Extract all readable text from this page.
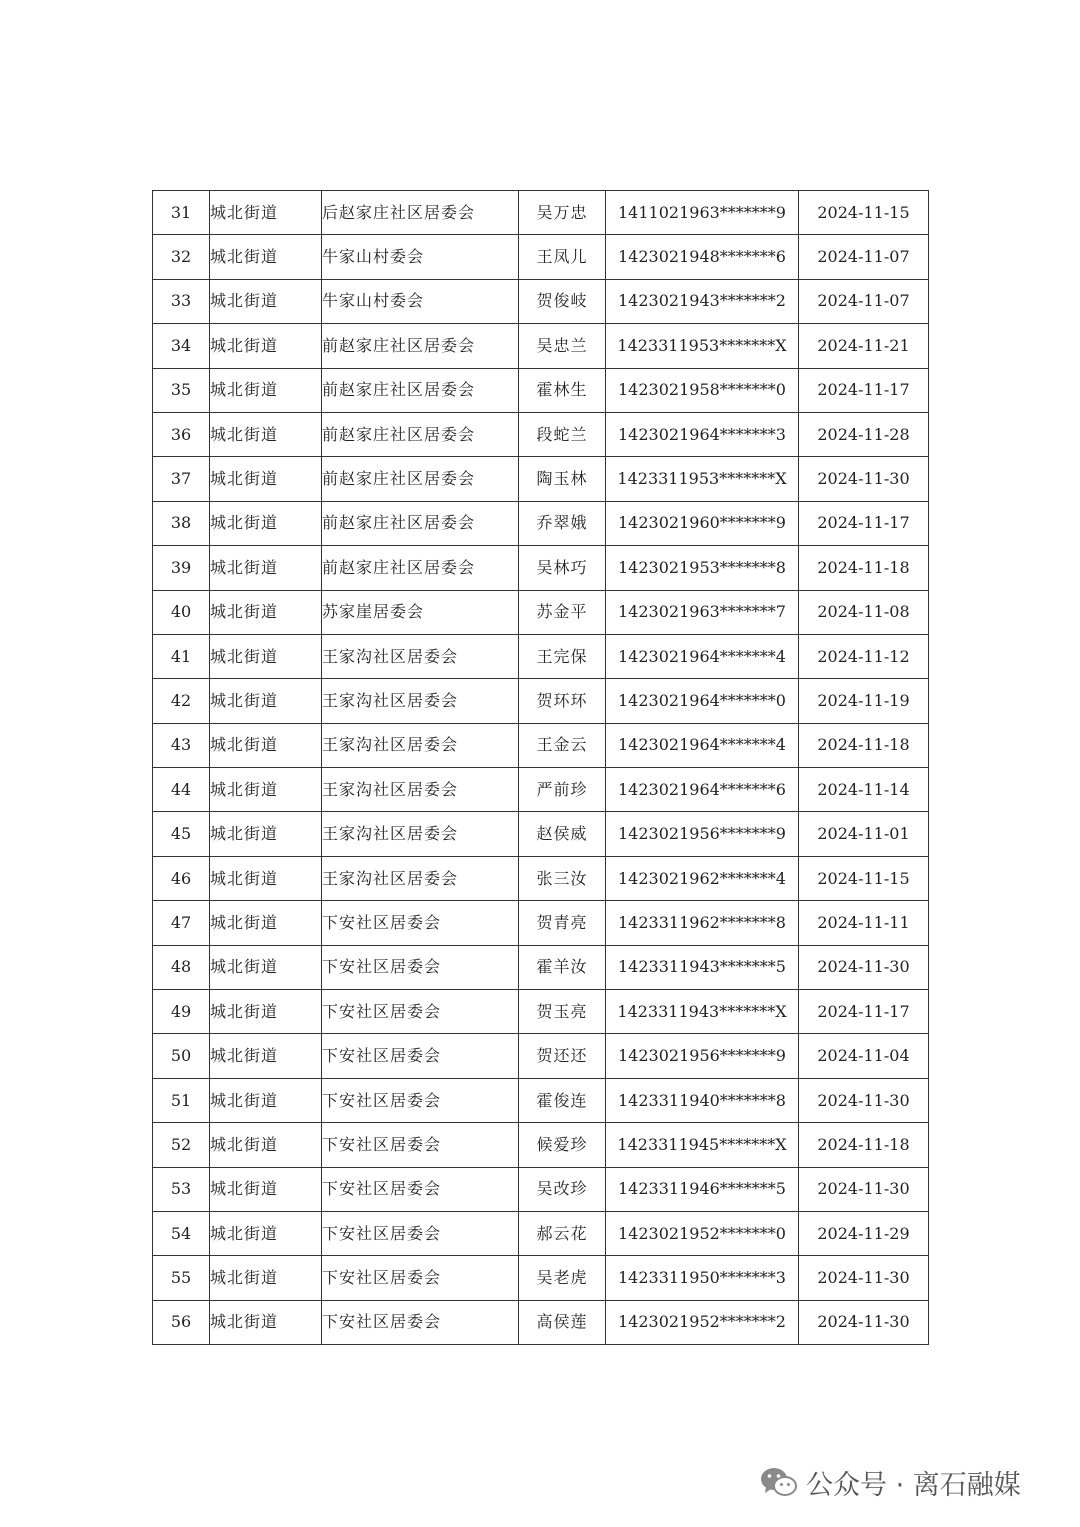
31	城北街道	后赵家庄社区居委会	吴万忠	1411021963*******9	2024-11-15
32	城北街道	牛家山村委会	王凤儿	1423021948*******6	2024-11-07
33	城北街道	牛家山村委会	贺俊岐	1423021943*******2	2024-11-07
34	城北街道	前赵家庄社区居委会	吴忠兰	1423311953*******X	2024-11-21
35	城北街道	前赵家庄社区居委会	霍林生	1423021958*******0	2024-11-17
36	城北街道	前赵家庄社区居委会	段蛇兰	1423021964*******3	2024-11-28
37	城北街道	前赵家庄社区居委会	陶玉林	1423311953*******X	2024-11-30
38	城北街道	前赵家庄社区居委会	乔翠娥	1423021960*******9	2024-11-17
39	城北街道	前赵家庄社区居委会	吴林巧	1423021953*******8	2024-11-18
40	城北街道	苏家崖居委会	苏金平	1423021963*******7	2024-11-08
41	城北街道	王家沟社区居委会	王完保	1423021964*******4	2024-11-12
42	城北街道	王家沟社区居委会	贺环环	1423021964*******0	2024-11-19
43	城北街道	王家沟社区居委会	王金云	1423021964*******4	2024-11-18
44	城北街道	王家沟社区居委会	严前珍	1423021964*******6	2024-11-14
45	城北街道	王家沟社区居委会	赵侯威	1423021956*******9	2024-11-01
46	城北街道	王家沟社区居委会	张三汝	1423021962*******4	2024-11-15
47	城北街道	下安社区居委会	贺青亮	1423311962*******8	2024-11-11
48	城北街道	下安社区居委会	霍羊汝	1423311943*******5	2024-11-30
49	城北街道	下安社区居委会	贺玉亮	1423311943*******X	2024-11-17
50	城北街道	下安社区居委会	贺还还	1423021956*******9	2024-11-04
51	城北街道	下安社区居委会	霍俊连	1423311940*******8	2024-11-30
52	城北街道	下安社区居委会	候爱珍	1423311945*******X	2024-11-18
53	城北街道	下安社区居委会	吴改珍	1423311946*******5	2024-11-30
54	城北街道	下安社区居委会	郝云花	1423021952*******0	2024-11-29
55	城北街道	下安社区居委会	吴老虎	1423311950*******3	2024-11-30
56	城北街道	下安社区居委会	高侯莲	1423021952*******2	2024-11-30
公众号 · 离石融媒
